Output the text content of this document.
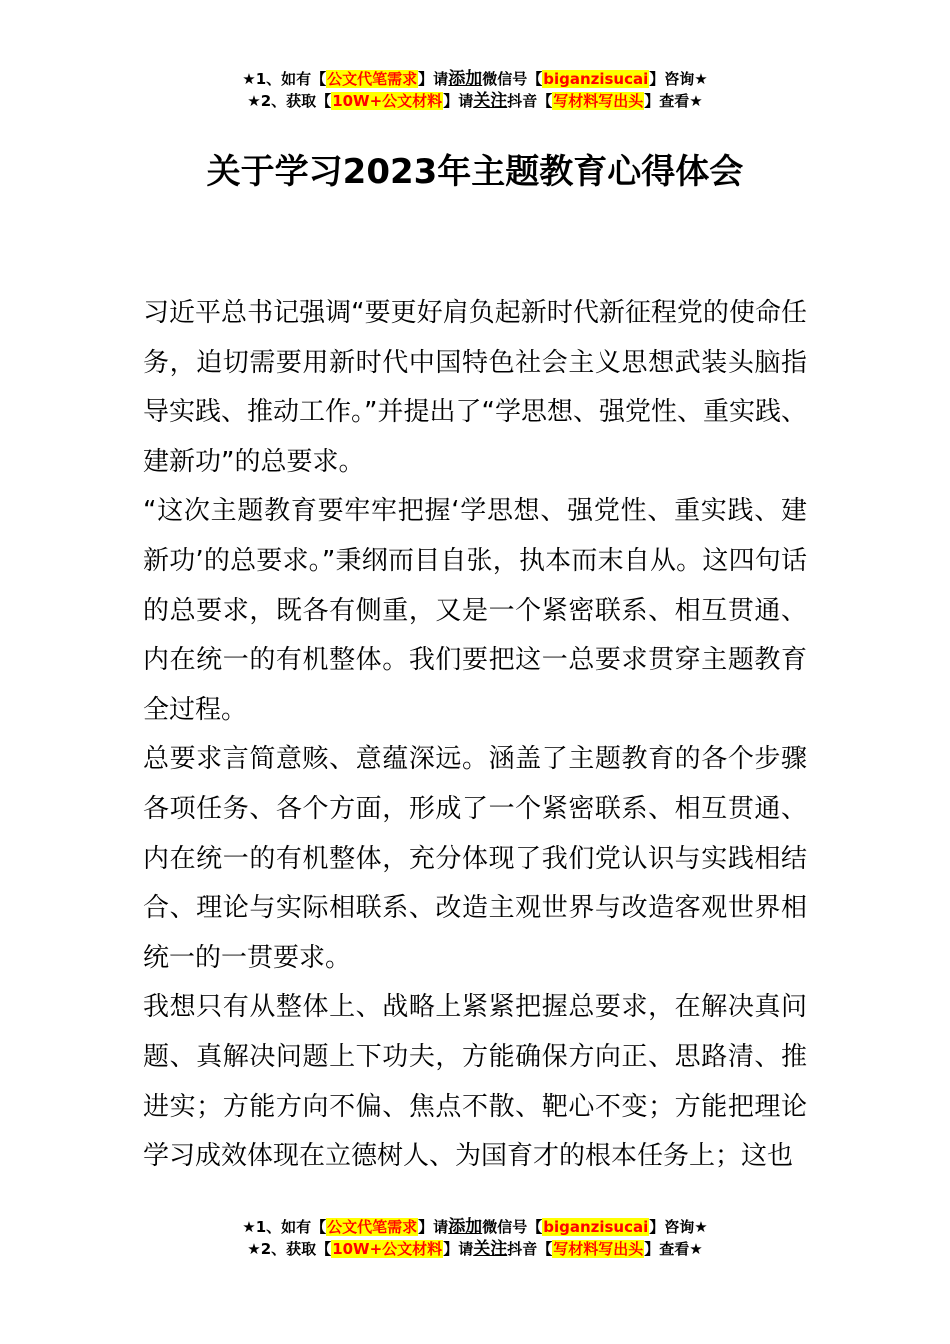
★1、如有【公文代笔需求】请添加微信号【biganzisucai】咨询★
★2、获取【10W+公文材料】请关注抖音【写材料写出头】查看★
关于学习2023年主题教育心得体会

习近平总书记强调“要更好肩负起新时代新征程党的使命任务，迫切需要用新时代中国特色社会主义思想武装头脑指导实践、推动工作。”并提出了“学思想、强党性、重实践、建新功”的总要求。

“这次主题教育要牢牢把握‘学思想、强党性、重实践、建新功’的总要求。”秉纲而目自张，执本而末自从。这四句话的总要求，既各有侧重，又是一个紧密联系、相互贯通、内在统一的有机整体。我们要把这一总要求贯穿主题教育全过程。

总要求言简意赅、意蕴深远。涵盖了主题教育的各个步骤各项任务、各个方面，形成了一个紧密联系、相互贯通、内在统一的有机整体，充分体现了我们党认识与实践相结合、理论与实际相联系、改造主观世界与改造客观世界相统一的一贯要求。

我想只有从整体上、战略上紧紧把握总要求，在解决真问题、真解决问题上下功夫，方能确保方向正、思路清、推进实；方能方向不偏、焦点不散、靶心不变；方能把理论学习成效体现在立德树人、为国育才的根本任务上；这也

★1、如有【公文代笔需求】请添加微信号【biganzisucai】咨询★
★2、获取【10W+公文材料】请关注抖音【写材料写出头】查看★
